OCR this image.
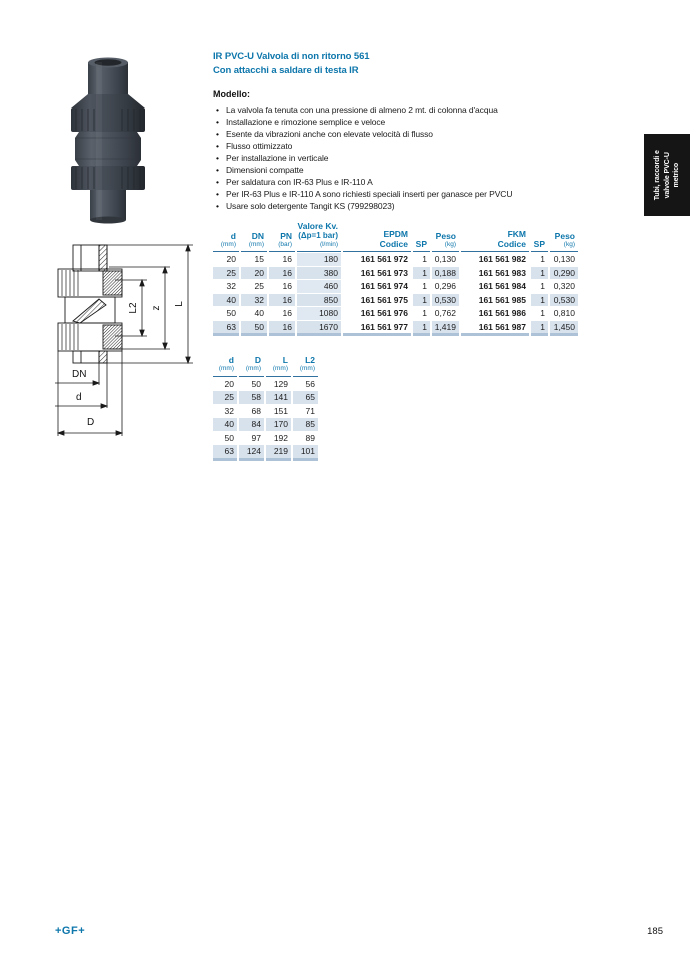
L2 z
L
DN
d
D
IR PVC-U Valvola di non ritorno 561
Con attacchi a saldare di testa IR
Modello:
• La valvola fa tenuta con una pressione di almeno 2 mt. di colonna d'acqua
• Installazione e rimozione semplice e veloce
• Esente da vibrazioni anche con elevate velocità di flusso
• Flusso ottimizzato
• Per installazione in verticale
• Dimensioni compatte
• Per saldatura con IR-63 Plus e IR-110 A
• Per IR-63 Plus e IR-110 A sono richiesti speciali inserti per ganasce per PVCU
• Usare solo detergente Tangit KS (799298023)
d
(mm)

DN
(mm)

PN
(bar)

Valore Kv.
(Δp=1 bar)
(l/min)

EPDM
Codice	SP

Peso
(kg)

FKM
Codice	SP

Peso
(kg)

20	15	16	180	161 561 972	1	0,130	161 561 982	1	0,130
25	20	16	380	161 561 973	1	0,188	161 561 983	1	0,290
32	25	16	460	161 561 974	1	0,296	161 561 984	1	0,320
40	32	16	850	161 561 975	1	0,530	161 561 985	1	0,530
50	40	16	1080	161 561 976	1	0,762	161 561 986	1	0,810
63	50	16	1670	161 561 977	1	1,419	161 561 987	1	1,450
d
(mm)

D
(mm)

L
(mm)

L2
(mm)

20	50	129	56
25	58	141	65
32	68	151	71
40	84	170	85
50	97	192	89
63	124	219	101
Tubi, raccordi e valvole PVC-U metrico
+GF+	185
